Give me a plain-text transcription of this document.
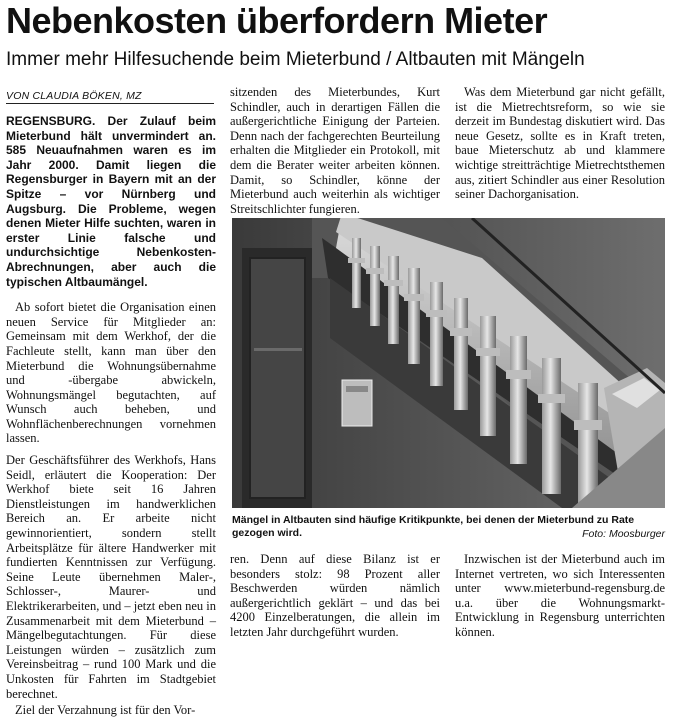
Nebenkosten überfordern Mieter
Immer mehr Hilfesuchende beim Mieterbund / Altbauten mit Mängeln
VON CLAUDIA BÖKEN, MZ

REGENSBURG. Der Zulauf beim Mieterbund hält unvermindert an. 585 Neuaufnahmen waren es im Jahr 2000. Damit liegen die Regensburger in Bayern mit an der Spitze – vor Nürnberg und Augsburg. Die Probleme, wegen denen Mieter Hilfe suchten, waren in erster Linie falsche und undurchsichtige Nebenkosten-Abrechnungen, aber auch die typischen Altbaumängel.

Ab sofort bietet die Organisation einen neuen Service für Mitglieder an: Gemeinsam mit dem Werkhof, der die Fachleute stellt, kann man über den Mieterbund die Wohnungsübernahme und -übergabe abwickeln, Wohnungsmängel begutachten, auf Wunsch auch beheben, und Wohnflächenberechnungen vornehmen lassen.

Der Geschäftsführer des Werkhofs, Hans Seidl, erläutert die Kooperation: Der Werkhof biete seit 16 Jahren Dienstleistungen im handwerklichen Bereich an. Er arbeite nicht gewinnorientiert, sondern stellt Arbeitsplätze für ältere Handwerker mit fundierten Kenntnissen zur Verfügung. Seine Leute übernehmen Maler-, Schlosser-, Maurer- und Elektrikerarbeiten, und – jetzt eben neu in Zusammenarbeit mit dem Mieterbund – Mängelbegutachtungen. Für diese Leistungen würden – zusätzlich zum Vereinsbeitrag – rund 100 Mark und die Unkosten für Fahrten im Stadtgebiet berechnet.

Ziel der Verzahnung ist für den Vor-

sitzenden des Mieterbundes, Kurt Schindler, auch in derartigen Fällen die außergerichtliche Einigung der Parteien. Denn nach der fachgerechten Beurteilung erhalten die Mitglieder ein Protokoll, mit dem die Berater weiter arbeiten können. Damit, so Schindler, könne der Mieterbund auch weiterhin als wichtiger Streitschlichter fungieren.

Was dem Mieterbund gar nicht gefällt, ist die Mietrechtsreform, so wie sie derzeit im Bundestag diskutiert wird. Das neue Gesetz, sollte es in Kraft treten, baue Mieterschutz ab und klammere wichtige streitträchtige Mietrechtsthemen aus, zitiert Schindler aus einer Resolution seiner Dachorganisation.

Mängel in Altbauten sind häufige Kritikpunkte, bei denen der Mieterbund zu Rate gezogen wird.	Foto: Moosburger

ren. Denn auf diese Bilanz ist er besonders stolz: 98 Prozent aller Beschwerden würden nämlich außergerichtlich geklärt – und das bei 4200 Einzelberatungen, die allein im letzten Jahr durchgeführt wurden.

Inzwischen ist der Mieterbund auch im Internet vertreten, wo sich Interessenten unter www.mieterbund-regensburg.de u.a. über die Wohnungsmarkt-Entwicklung in Regensburg unterrichten können.
